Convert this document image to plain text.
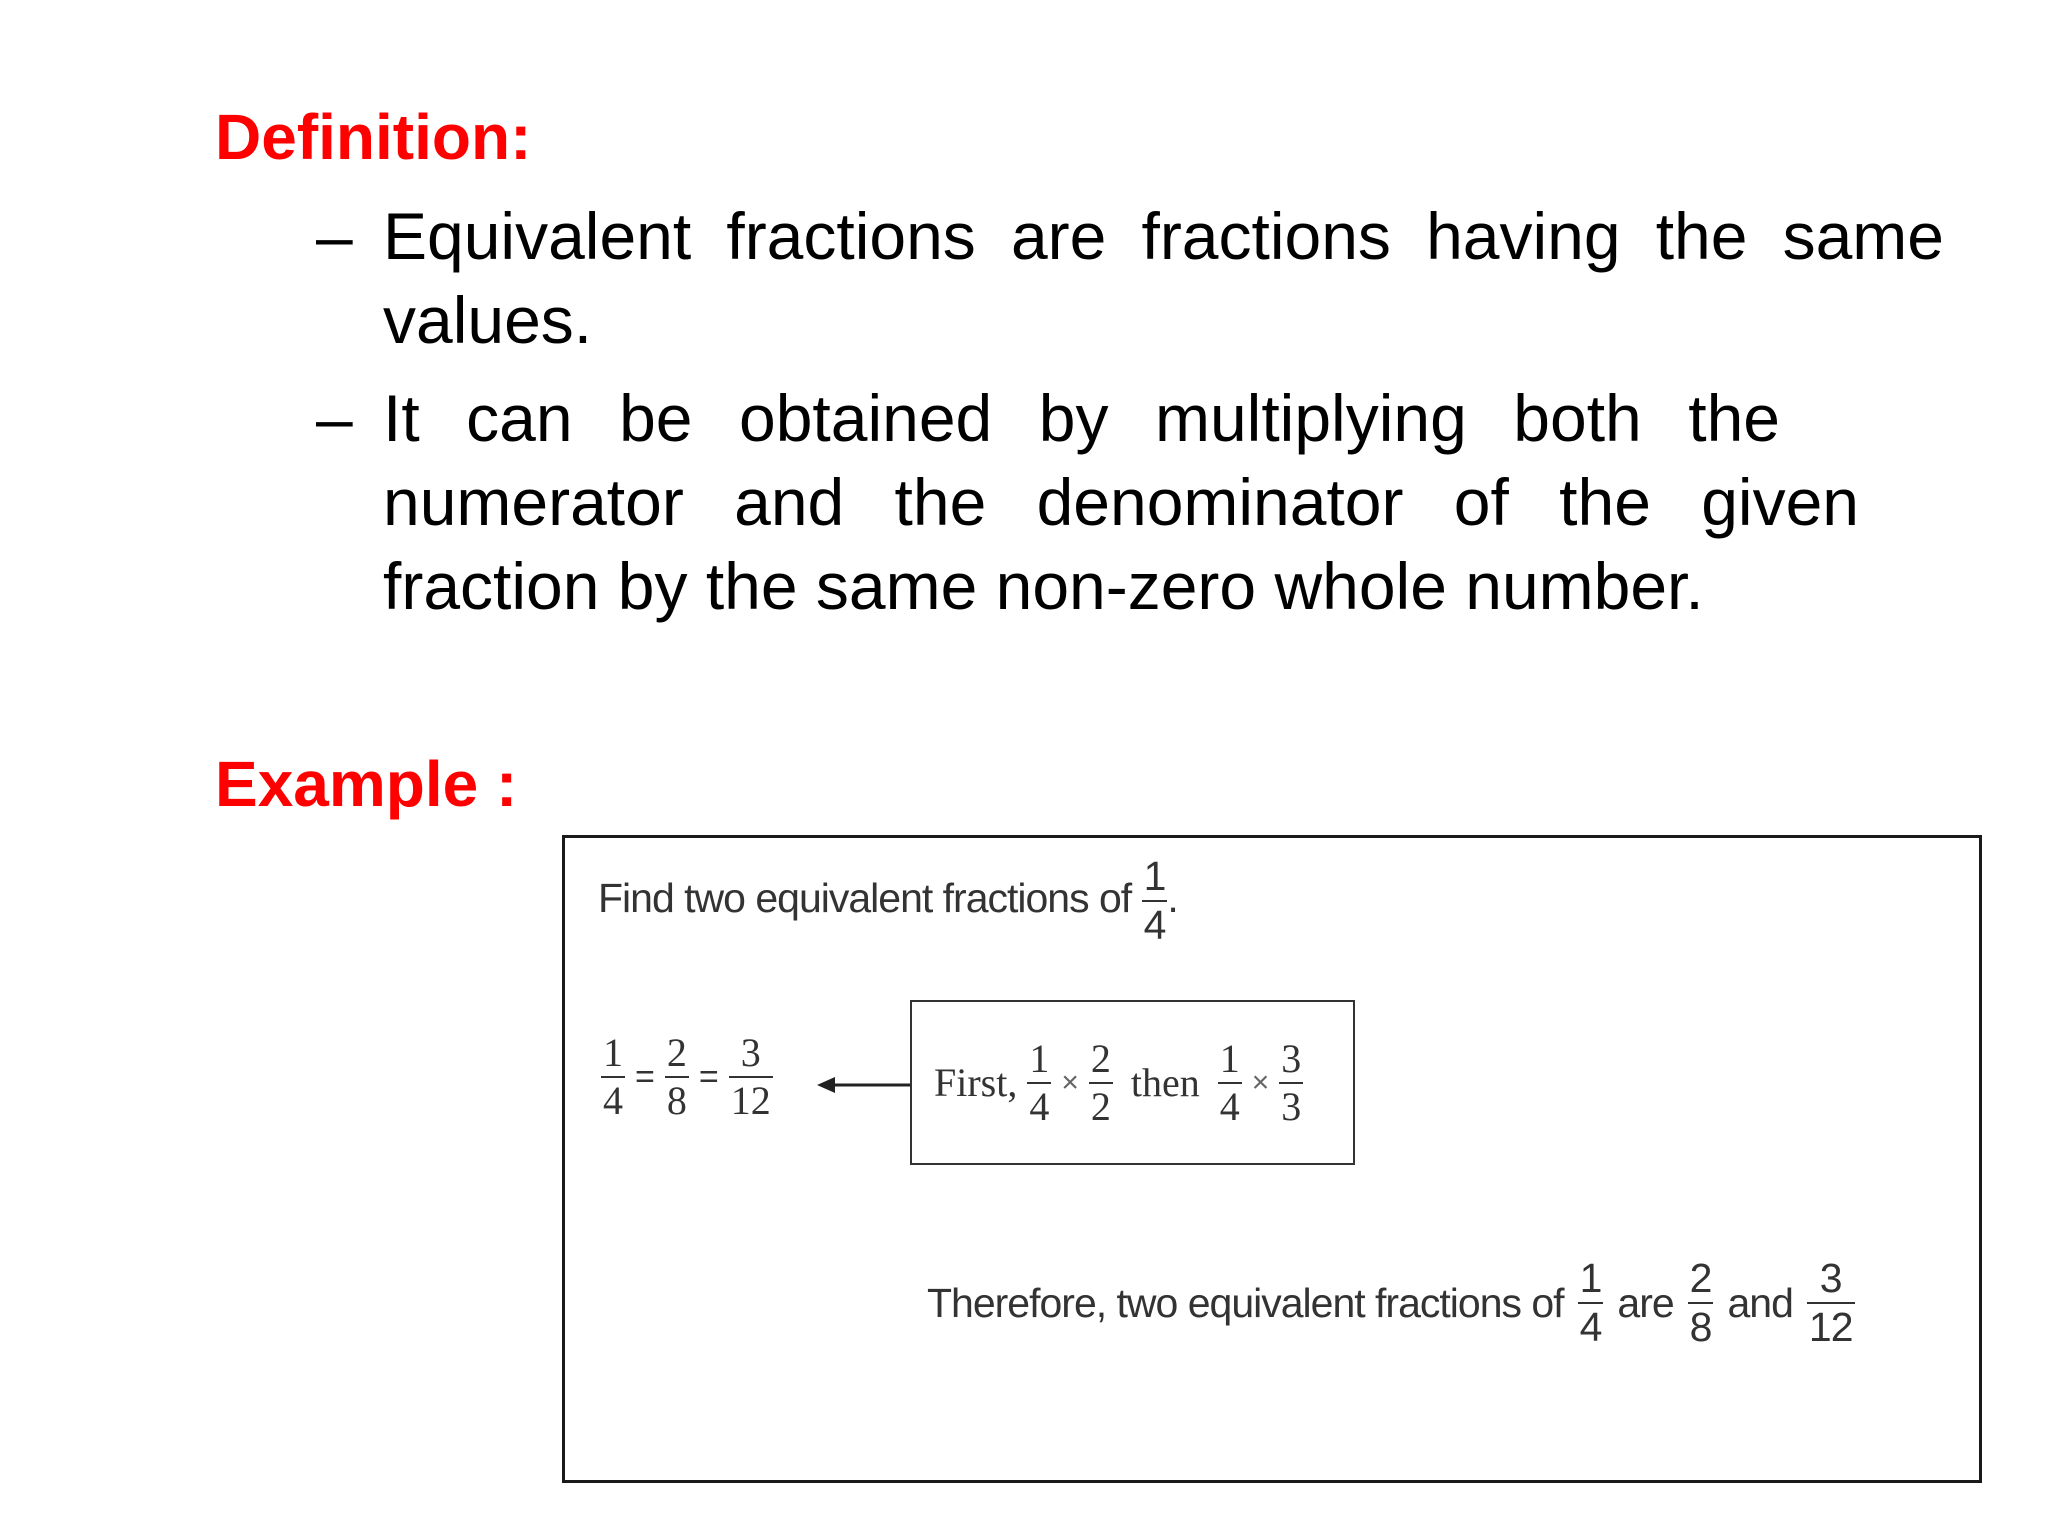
Definition:
– Equivalent fractions are fractions having the same
values.
– It can be obtained by multiplying both the
numerator and the denominator of the given
fraction by the same non-zero whole number.
Example :
Find two equivalent fractions of $\frac{1}{4}$ .
$\frac{1}{4} = \frac{2}{8} = \frac{3}{12}$	First, $\frac{1}{4} \times \frac{2}{2}$ then $\frac{1}{4} \times \frac{3}{3}$
Therefore, two equivalent fractions of $\frac{1}{4}$ are $\frac{2}{8}$ and $\frac{3}{12}$
